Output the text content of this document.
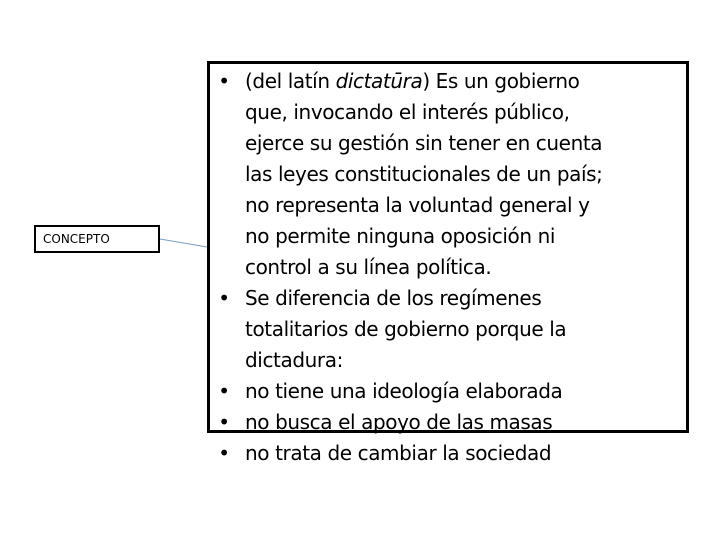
CONCEPTO
• (del latín dictatūra) Es un gobierno
que, invocando el interés público,
ejerce su gestión sin tener en cuenta
las leyes constitucionales de un país;
no representa la voluntad general y
no permite ninguna oposición ni
control a su línea política.
• Se diferencia de los regímenes
totalitarios de gobierno porque la
dictadura:
• no tiene una ideología elaborada
• no busca el apoyo de las masas
• no trata de cambiar la sociedad
